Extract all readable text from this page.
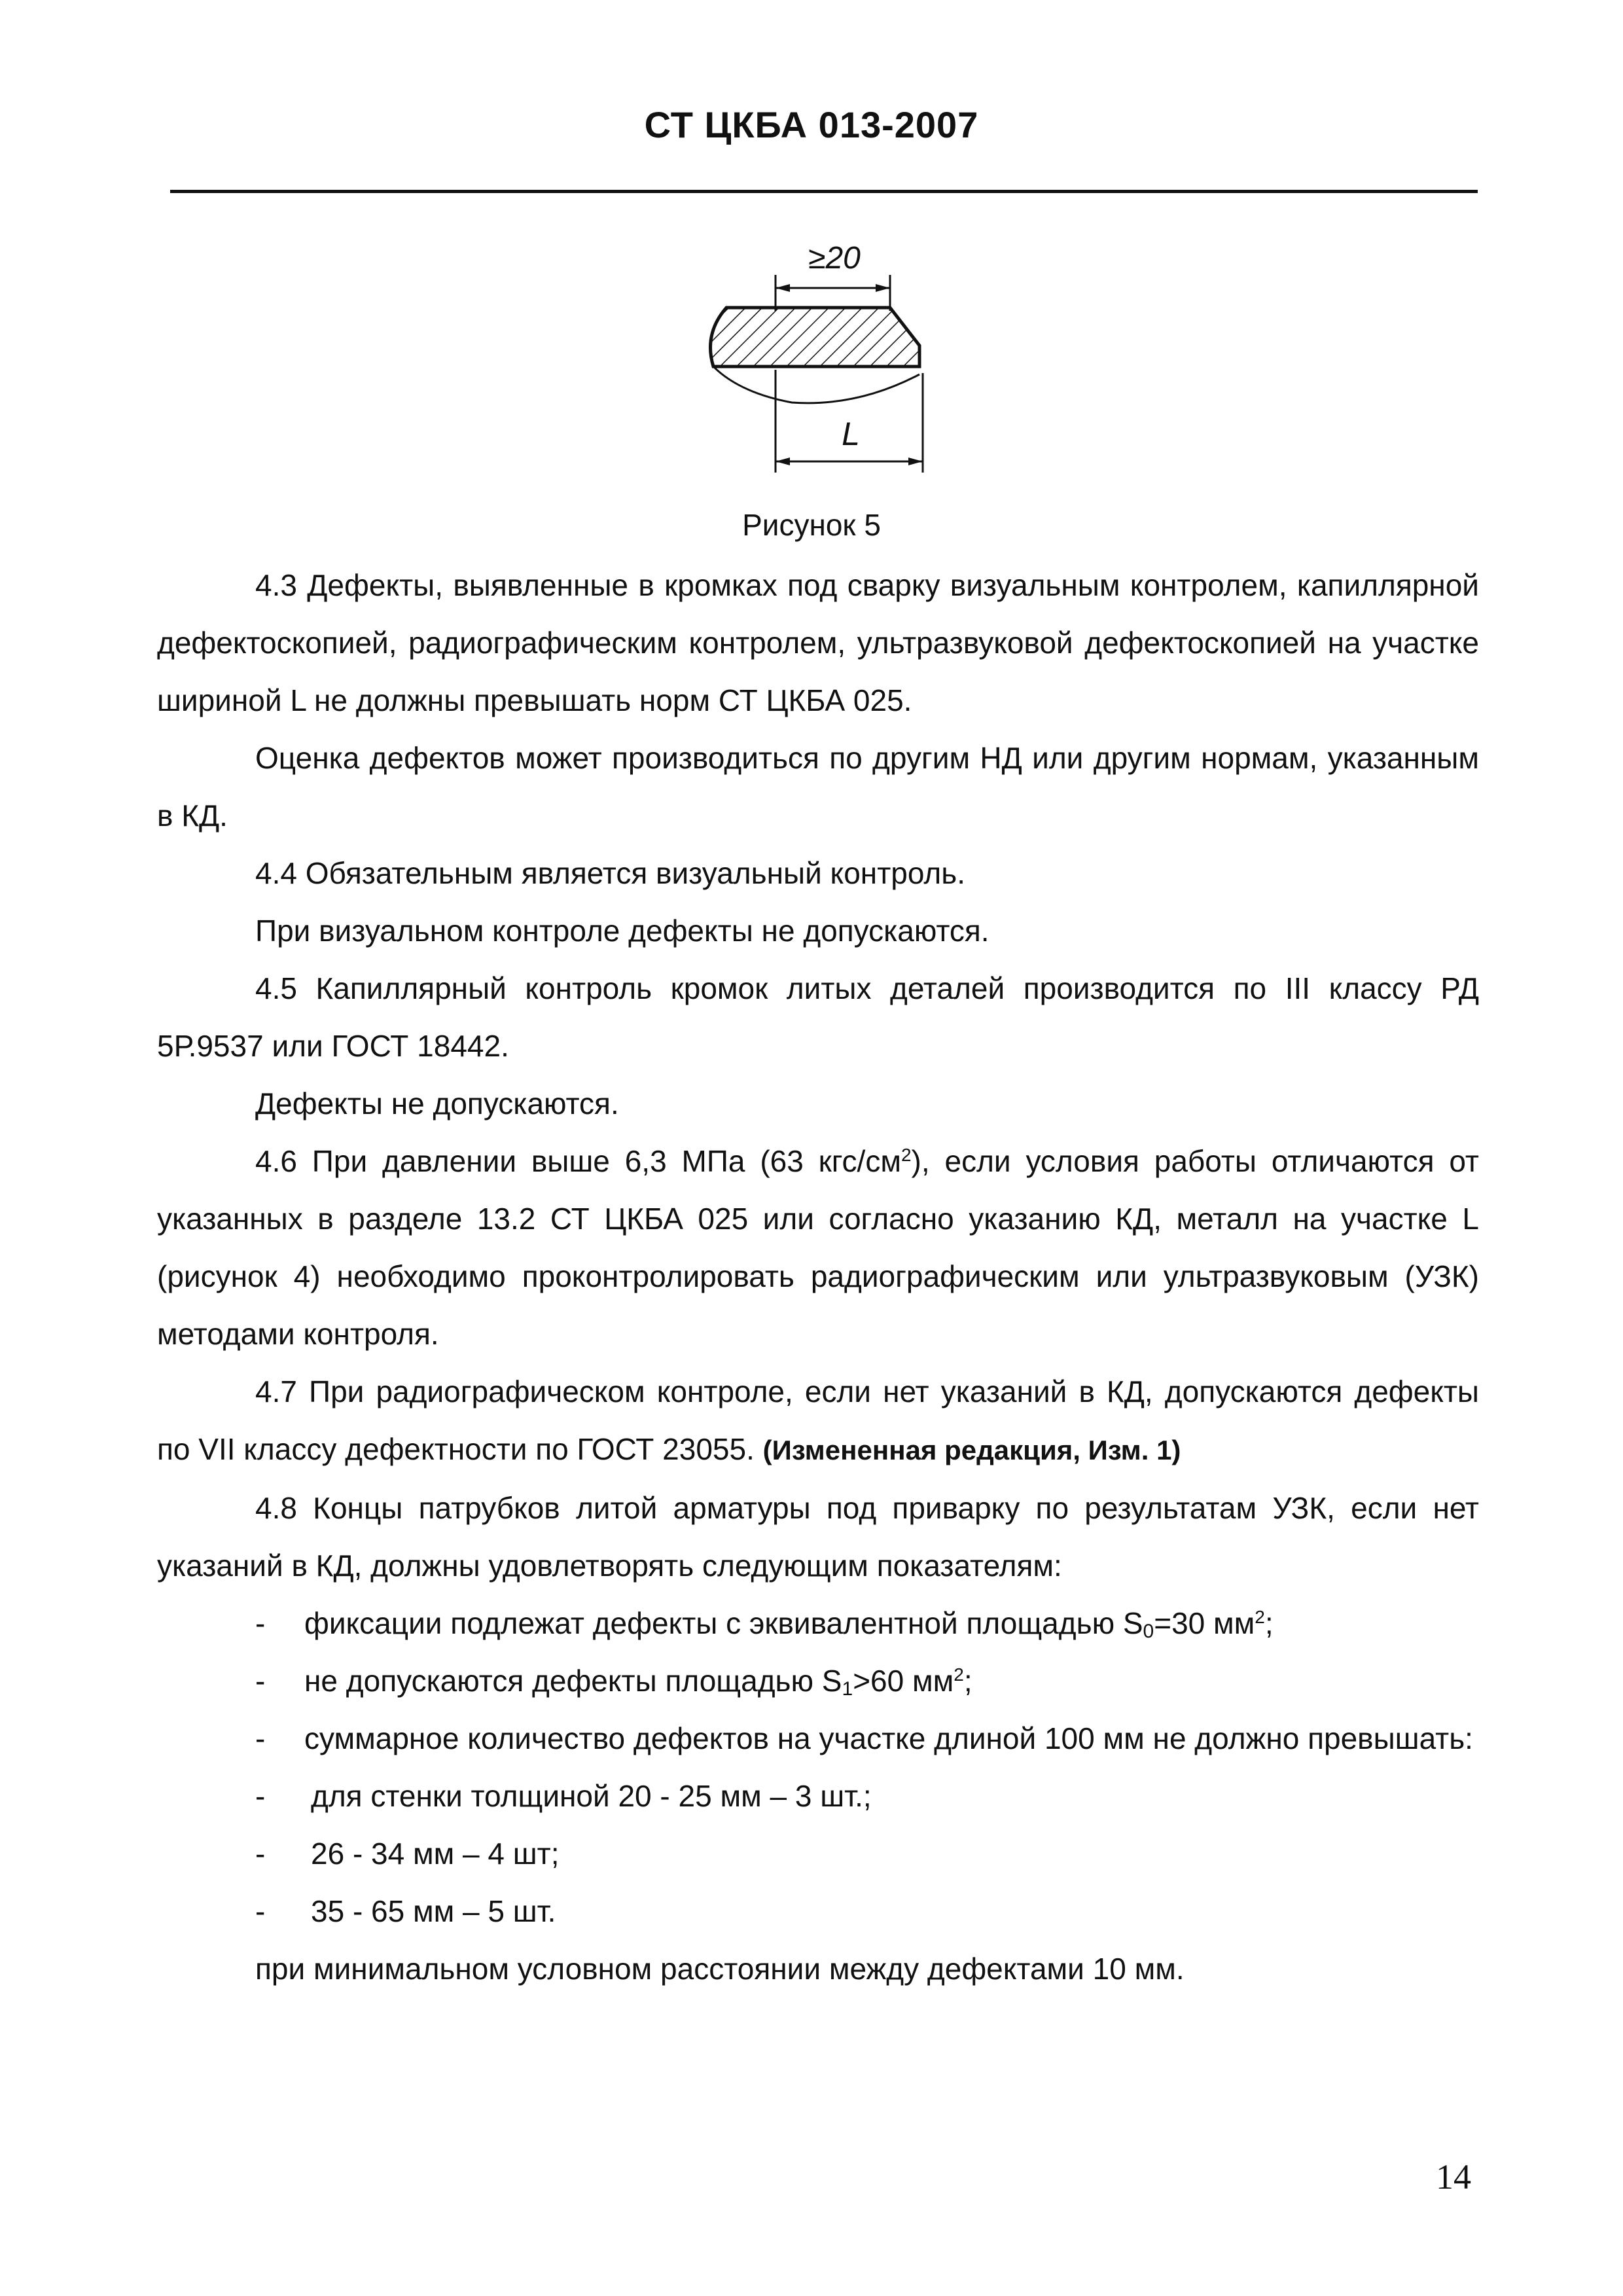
СТ ЦКБА 013-2007
≥20
L
Рисунок 5

4.3 Дефекты, выявленные в кромках под сварку визуальным контролем, капиллярной дефектоскопией, радиографическим контролем, ультразвуковой дефектоскопией на участке шириной L не должны превышать норм СТ ЦКБА 025.

Оценка дефектов может производиться по другим НД или другим нормам, указанным в КД.

4.4 Обязательным является визуальный контроль.

При визуальном контроле дефекты не допускаются.

4.5 Капиллярный контроль кромок литых деталей производится по III классу РД 5Р.9537 или ГОСТ 18442.

Дефекты не допускаются.

4.6 При давлении выше 6,3 МПа (63 кгс/$см^2$), если условия работы отличаются от указанных в разделе 13.2 СТ ЦКБА 025 или согласно указанию КД, металл на участке L (рисунок 4) необходимо проконтролировать радиографическим или ультразвуковым (УЗК) методами контроля.

4.7 При радиографическом контроле, если нет указаний в КД, допускаются дефекты по VII классу дефектности по ГОСТ 23055. (Измененная редакция, Изм. 1)

4.8 Концы патрубков литой арматуры под приварку по результатам УЗК, если нет указаний в КД, должны удовлетворять следующим показателям:

- фиксации подлежат дефекты с эквивалентной площадью $S_0=30$ $мм^2$;

- не допускаются дефекты площадью $S_1>60$ $мм^2$;

- суммарное количество дефектов на участке длиной 100 мм не должно превышать:

- для стенки толщиной 20 - 25 мм – 3 шт.;

- 26 - 34 мм – 4 шт;

- 35 - 65 мм – 5 шт.

при минимальном условном расстоянии между дефектами 10 мм.

14
